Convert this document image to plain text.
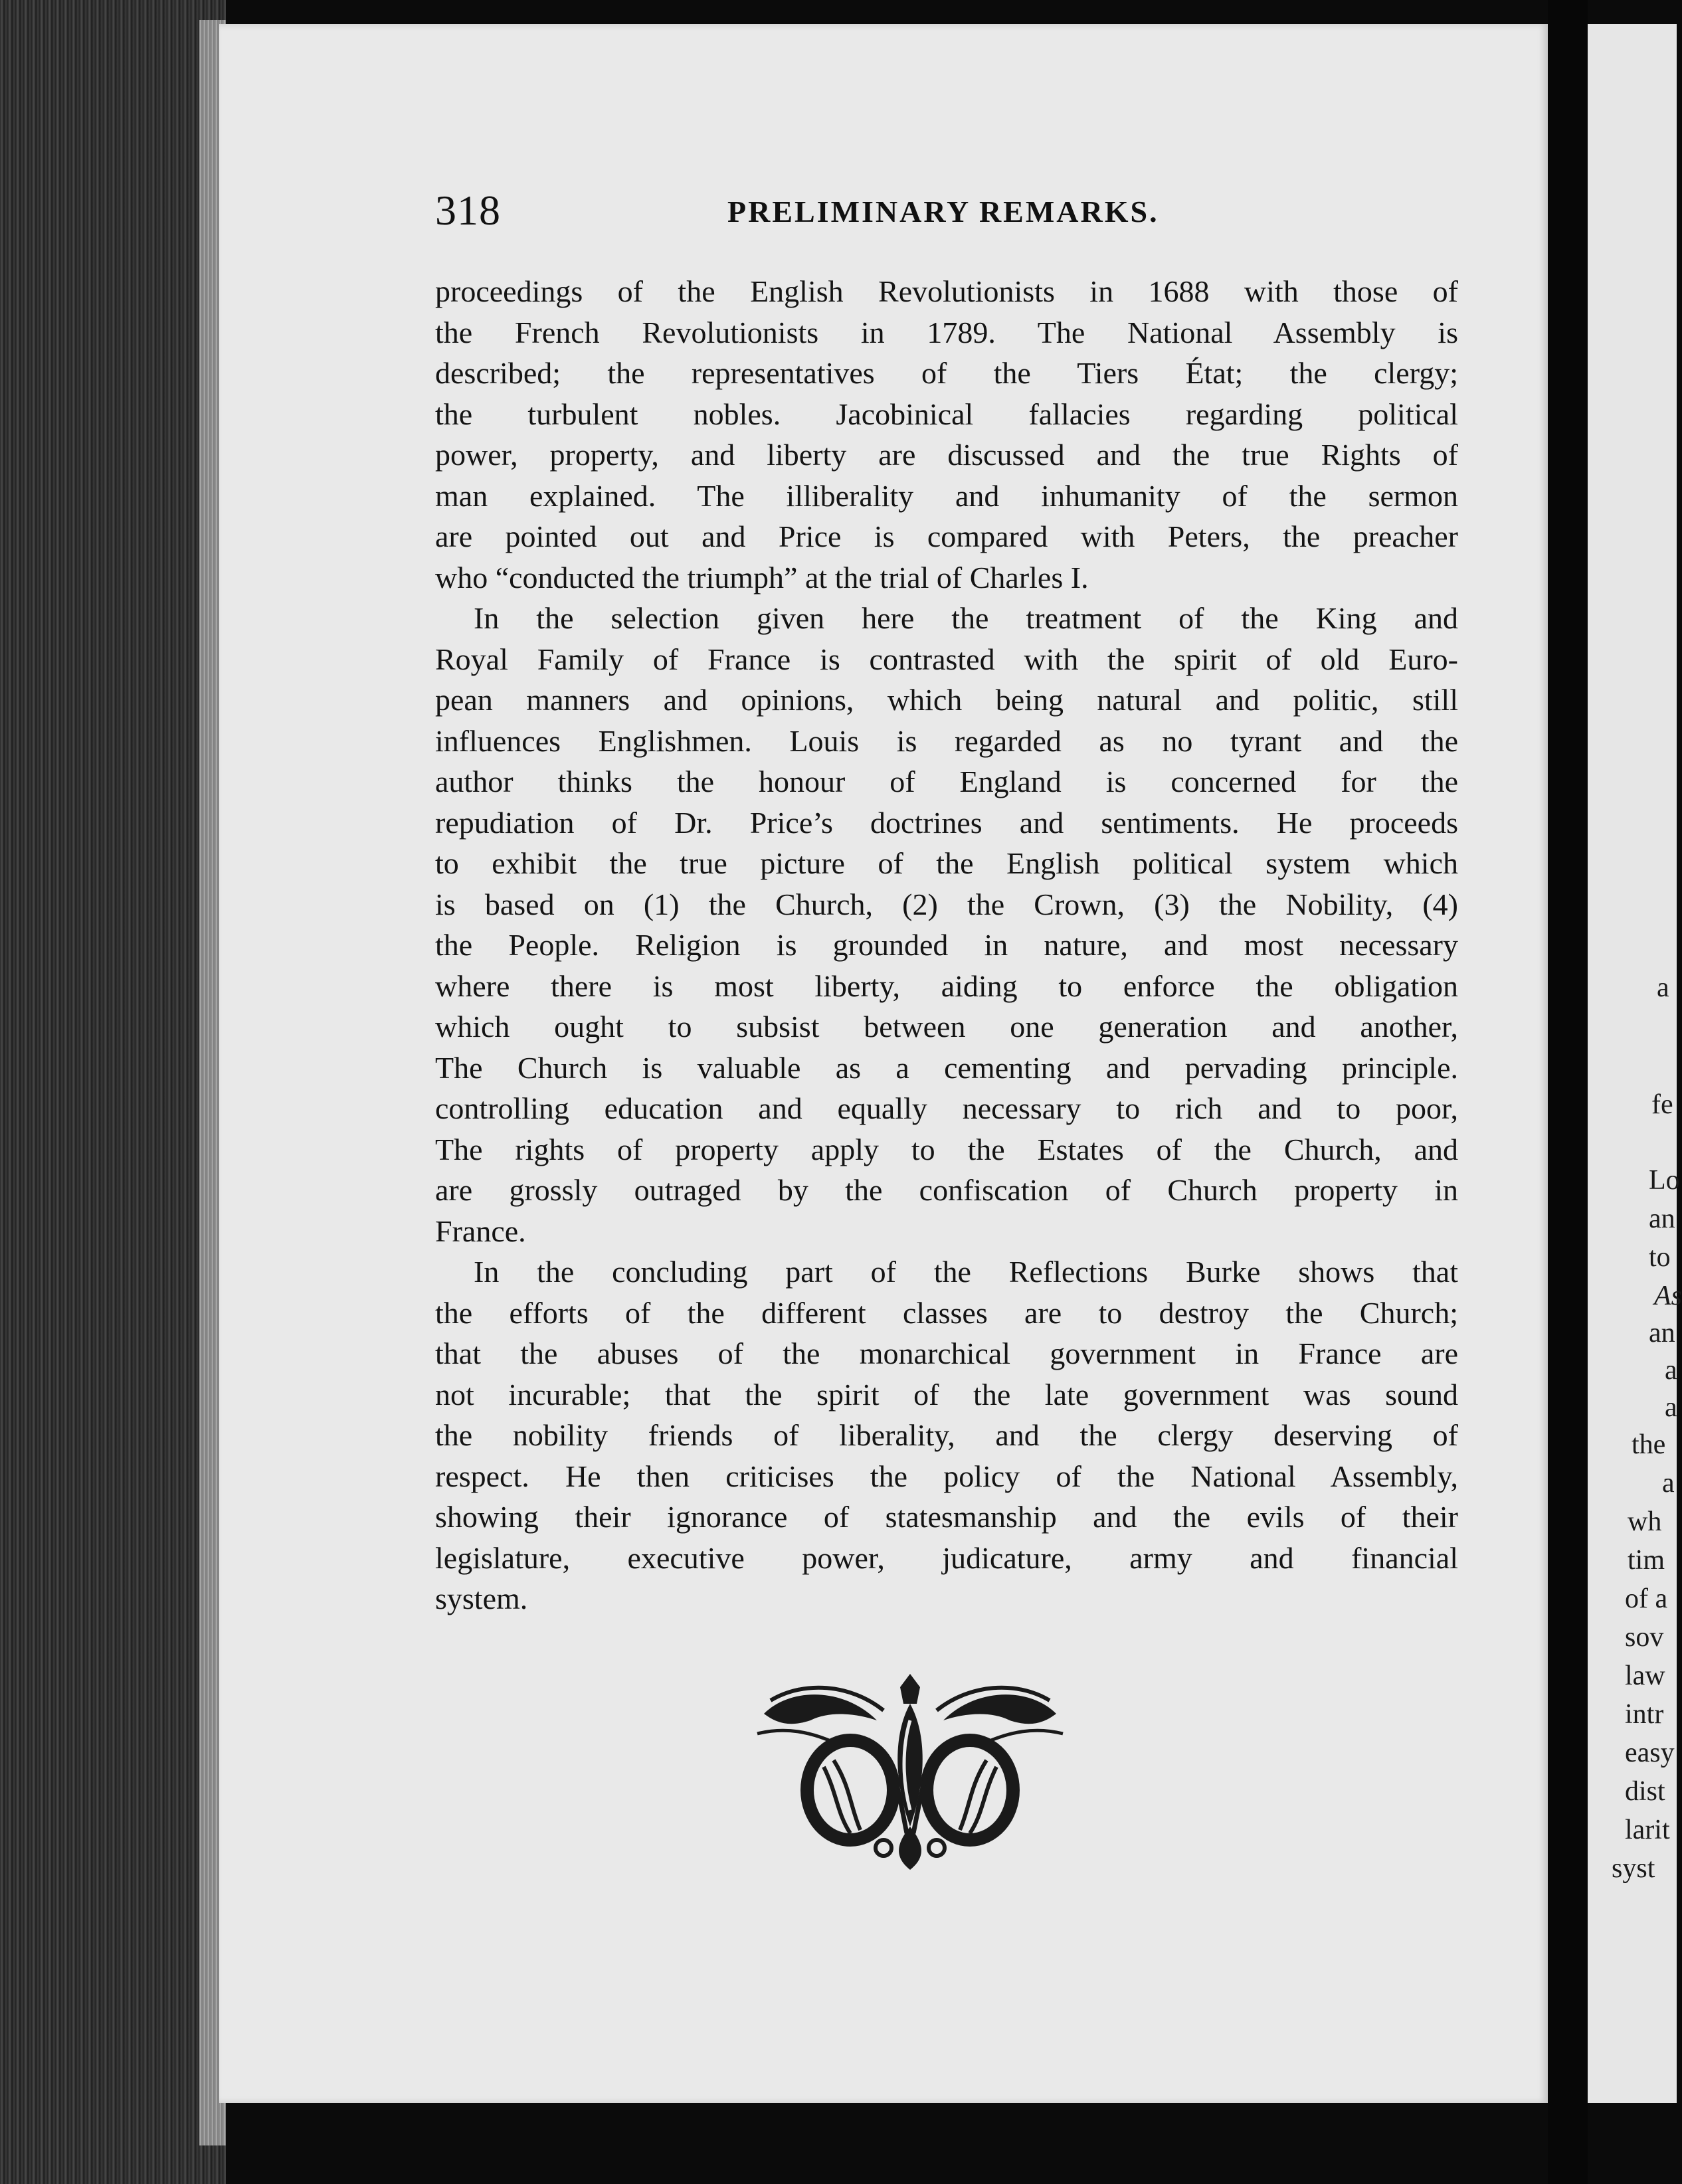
318	PRELIMINARY REMARKS.

proceedings of the English Revolutionists in 1688 with those of
the French Revolutionists in 1789. The National Assembly is
described; the representatives of the Tiers État; the clergy;
the turbulent nobles. Jacobinical fallacies regarding political
power, property, and liberty are discussed and the true Rights of
man explained. The illiberality and inhumanity of the sermon
are pointed out and Price is compared with Peters, the preacher
who “conducted the triumph” at the trial of Charles I.

In the selection given here the treatment of the King and
Royal Family of France is contrasted with the spirit of old Euro-
pean manners and opinions, which being natural and politic, still
influences Englishmen. Louis is regarded as no tyrant and the
author thinks the honour of England is concerned for the
repudiation of Dr. Price’s doctrines and sentiments. He proceeds
to exhibit the true picture of the English political system which
is based on (1) the Church, (2) the Crown, (3) the Nobility, (4)
the People. Religion is grounded in nature, and most necessary
where there is most liberty, aiding to enforce the obligation
which ought to subsist between one generation and another,
The Church is valuable as a cementing and pervading principle.
controlling education and equally necessary to rich and to poor,
The rights of property apply to the Estates of the Church, and
are grossly outraged by the confiscation of Church property in
France.

In the concluding part of the Reflections Burke shows that
the efforts of the different classes are to destroy the Church;
that the abuses of the monarchical government in France are
not incurable; that the spirit of the late government was sound
the nobility friends of liberality, and the clergy deserving of
respect. He then criticises the policy of the National Assembly,
showing their ignorance of statesmanship and the evils of their
legislature, executive power, judicature, army and financial
system.

a
fe
Lo
an
to
As
an
a
a
the
a
wh
tim
of a
sov
law
intr
easy
dist
larit
syst
